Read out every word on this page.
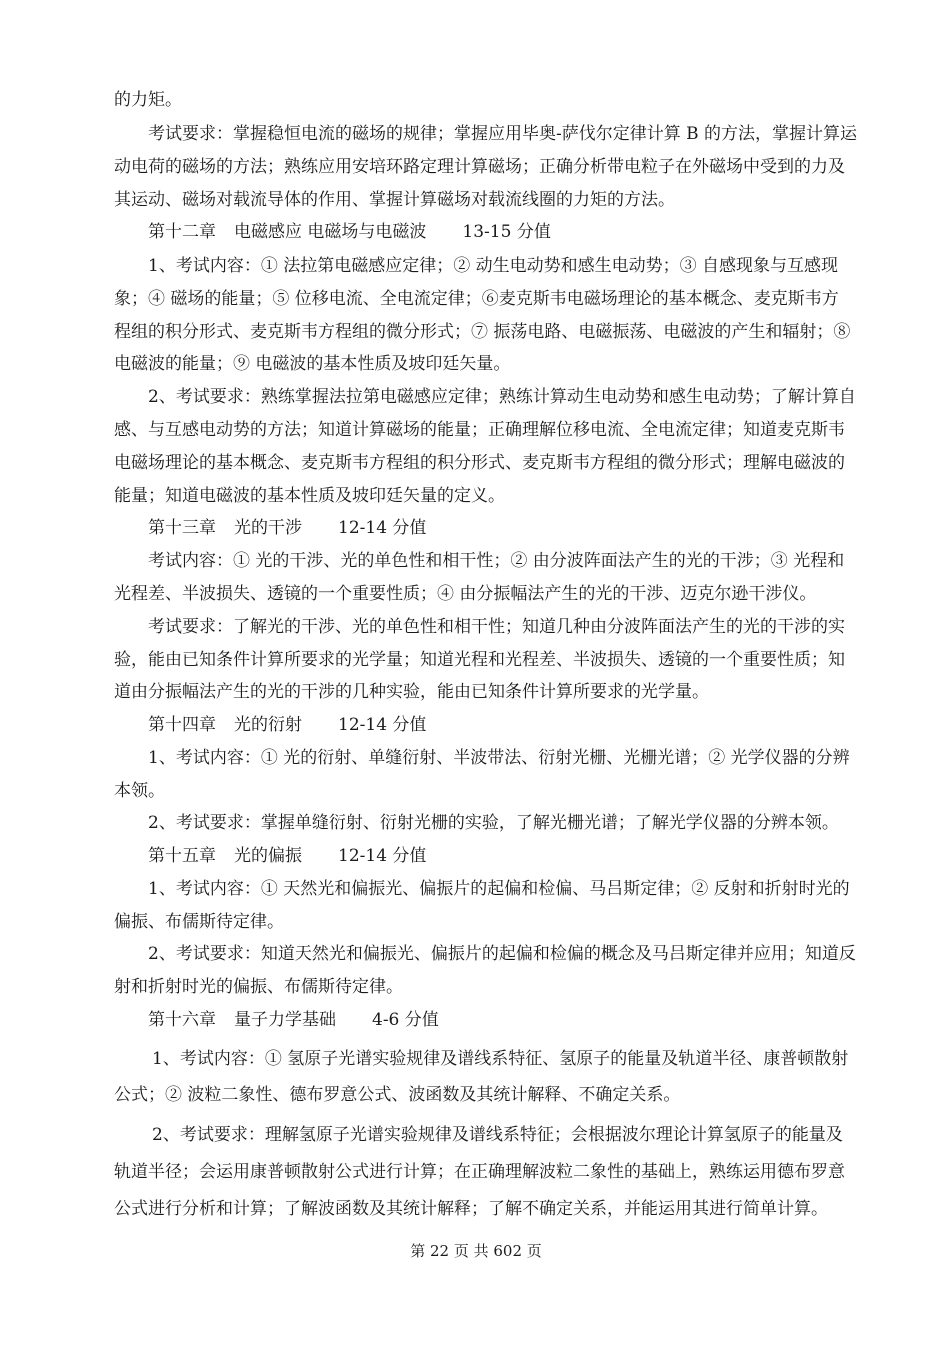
的力矩。

考试要求：掌握稳恒电流的磁场的规律；掌握应用毕奥-萨伐尔定律计算 B 的方法，掌握计算运

动电荷的磁场的方法；熟练应用安培环路定理计算磁场；正确分析带电粒子在外磁场中受到的力及

其运动、磁场对载流导体的作用、掌握计算磁场对载流线圈的力矩的方法。

第十二章 电磁感应 电磁场与电磁波 13-15 分值

1、考试内容：① 法拉第电磁感应定律；② 动生电动势和感生电动势；③ 自感现象与互感现

象；④ 磁场的能量；⑤ 位移电流、全电流定律；⑥麦克斯韦电磁场理论的基本概念、麦克斯韦方

程组的积分形式、麦克斯韦方程组的微分形式；⑦ 振荡电路、电磁振荡、电磁波的产生和辐射；⑧

电磁波的能量；⑨ 电磁波的基本性质及坡印廷矢量。

2、考试要求：熟练掌握法拉第电磁感应定律；熟练计算动生电动势和感生电动势；了解计算自

感、与互感电动势的方法；知道计算磁场的能量；正确理解位移电流、全电流定律；知道麦克斯韦

电磁场理论的基本概念、麦克斯韦方程组的积分形式、麦克斯韦方程组的微分形式；理解电磁波的

能量；知道电磁波的基本性质及坡印廷矢量的定义。

第十三章 光的干涉 12-14 分值

考试内容：① 光的干涉、光的单色性和相干性；② 由分波阵面法产生的光的干涉；③ 光程和

光程差、半波损失、透镜的一个重要性质；④ 由分振幅法产生的光的干涉、迈克尔逊干涉仪。

考试要求：了解光的干涉、光的单色性和相干性；知道几种由分波阵面法产生的光的干涉的实

验，能由已知条件计算所要求的光学量；知道光程和光程差、半波损失、透镜的一个重要性质；知

道由分振幅法产生的光的干涉的几种实验，能由已知条件计算所要求的光学量。

第十四章 光的衍射 12-14 分值

1、考试内容：① 光的衍射、单缝衍射、半波带法、衍射光栅、光栅光谱；② 光学仪器的分辨

本领。

2、考试要求：掌握单缝衍射、衍射光栅的实验，了解光栅光谱；了解光学仪器的分辨本领。

第十五章 光的偏振 12-14 分值

1、考试内容：① 天然光和偏振光、偏振片的起偏和检偏、马吕斯定律；② 反射和折射时光的

偏振、布儒斯待定律。

2、考试要求：知道天然光和偏振光、偏振片的起偏和检偏的概念及马吕斯定律并应用；知道反

射和折射时光的偏振、布儒斯待定律。

第十六章 量子力学基础 4-6 分值

1、考试内容：① 氢原子光谱实验规律及谱线系特征、氢原子的能量及轨道半径、康普顿散射

公式；② 波粒二象性、德布罗意公式、波函数及其统计解释、不确定关系。

2、考试要求：理解氢原子光谱实验规律及谱线系特征；会根据波尔理论计算氢原子的能量及

轨道半径；会运用康普顿散射公式进行计算；在正确理解波粒二象性的基础上，熟练运用德布罗意

公式进行分析和计算；了解波函数及其统计解释；了解不确定关系，并能运用其进行简单计算。

第 22 页 共 602 页
